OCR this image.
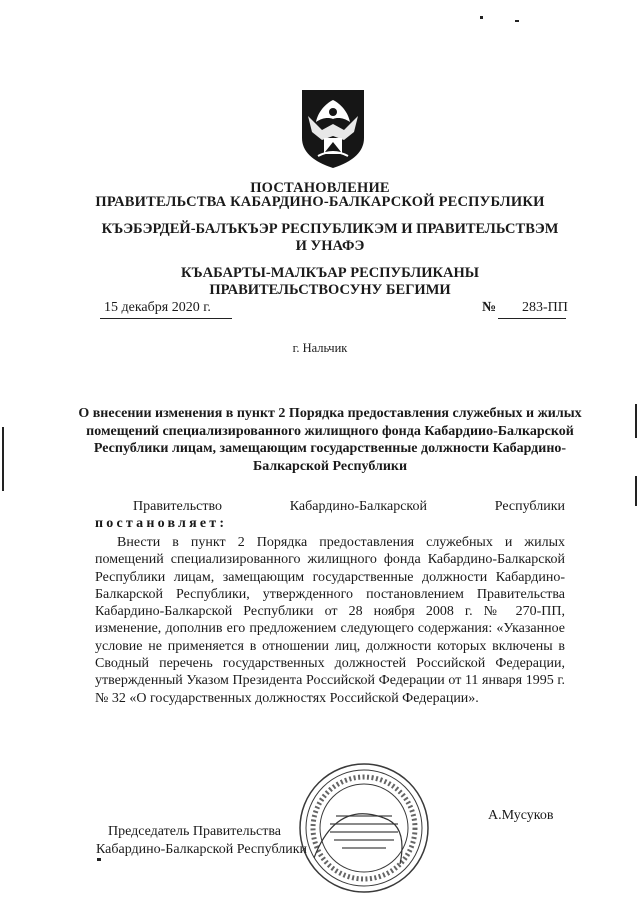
ПОСТАНОВЛЕНИЕ
ПРАВИТЕЛЬСТВА КАБАРДИНО-БАЛКАРСКОЙ РЕСПУБЛИКИ
КЪЭБЭРДЕЙ-БАЛЪКЪЭР РЕСПУБЛИКЭМ И ПРАВИТЕЛЬСТВЭМ И УНАФЭ
КЪАБАРТЫ-МАЛКЪАР РЕСПУБЛИКАНЫ ПРАВИТЕЛЬСТВОСУНУ БЕГИМИ
15 декабря 2020 г.	№ 283-ПП
г. Нальчик
О внесении изменения в пункт 2 Порядка предоставления служебных и жилых помещений специализированного жилищного фонда Кабардиио-Балкарской Республики лицам, замещающим государственные должности Кабардино-Балкарской Республики
Правительство	Кабардино-Балкарской	Республики
постановляет:
Внести в пункт 2 Порядка предоставления служебных и жилых помещений специализированного жилищного фонда Кабардино-Балкарской Республики лицам, замещающим государственные должности Кабардино-Балкарской Республики, утвержденного постановлением Правительства Кабардино-Балкарской Республики от 28 ноября 2008 г. № 270-ПП, изменение, дополнив его предложением следующего содержания: «Указанное условие не применяется в отношении лиц, должности которых включены в Сводный перечень государственных должностей Российской Федерации, утвержденный Указом Президента Российской Федерации от 11 января 1995 г. № 32 «О государственных должностях Российской Федерации».
Председатель Правительства
Кабардино-Балкарской Республики
А.Мусуков
